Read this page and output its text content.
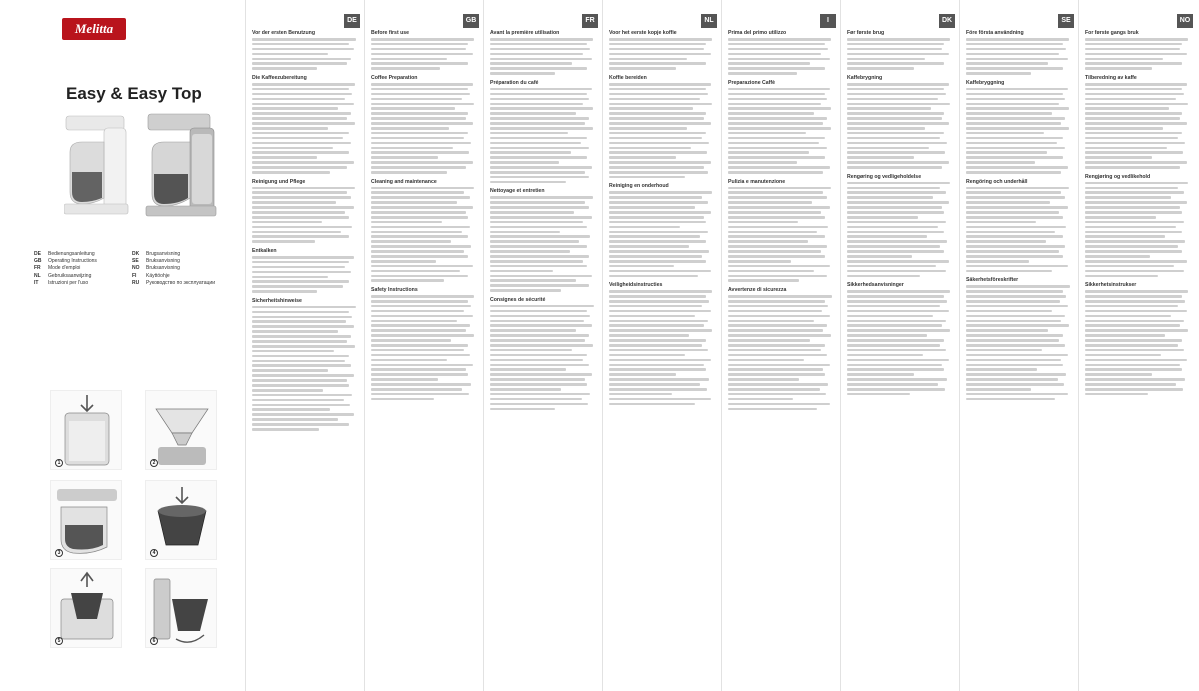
Melitta
Easy & Easy Top
DE	Bedienungsanleitung	DK	Brugsanvisning
GB	Operating Instructions	SE	Bruksanvisning
FR	Mode d'emploi	NO	Bruksanvisning
NL	Gebruiksaanwijzing	FI	Käyttöohje
IT	Istruzioni per l'uso	RU	Руководство по эксплуатации
1	2
3	4
5	6
DE
Vor der ersten Benutzung
Die Kaffeezubereitung
Reinigung und Pflege
Entkalken
Sicherheitshinweise
GB
Before first use
Coffee Preparation
Cleaning and maintenance
Safety Instructions
FR
Avant la première utilisation
Préparation du café
Nettoyage et entretien
Consignes de sécurité
NL
Voor het eerste kopje koffie
Koffie bereiden
Reiniging en onderhoud
Veiligheidsinstructies
I
Prima del primo utilizzo
Preparazione Caffè
Pulizia e manutenzione
Avvertenze di sicurezza
DK
Før første brug
Kaffebrygning
Rengøring og vedligeholdelse
Sikkerhedsanvisninger
SE
Före första användning
Kaffebryggning
Rengöring och underhåll
Säkerhetsföreskrifter
NO
For første gangs bruk
Tilberedning av kaffe
Rengjøring og vedlikehold
Sikkerhetsinstrukser
